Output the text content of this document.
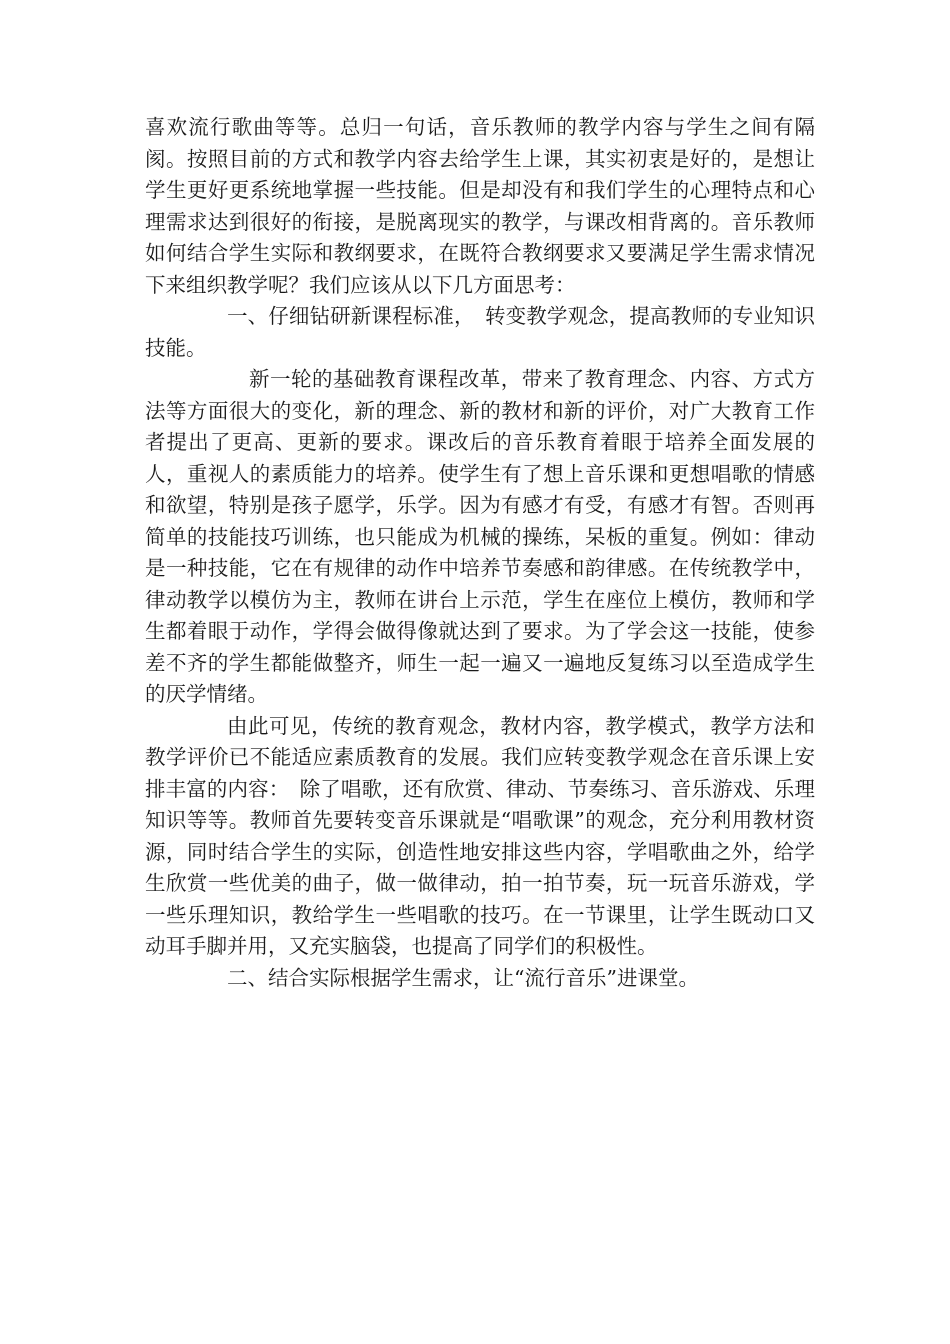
喜欢流行歌曲等等。总归一句话，音乐教师的教学内容与学生之间有隔阂。按照目前的方式和教学内容去给学生上课，其实初衷是好的，是想让学生更好更系统地掌握一些技能。但是却没有和我们学生的心理特点和心理需求达到很好的衔接，是脱离现实的教学，与课改相背离的。音乐教师如何结合学生实际和教纲要求，在既符合教纲要求又要满足学生需求情况下来组织教学呢？我们应该从以下几方面思考：

一、仔细钻研新课程标准，　转变教学观念，提高教师的专业知识技能。

新一轮的基础教育课程改革，带来了教育理念、内容、方式方法等方面很大的变化，新的理念、新的教材和新的评价，对广大教育工作者提出了更高、更新的要求。课改后的音乐教育着眼于培养全面发展的人，重视人的素质能力的培养。使学生有了想上音乐课和更想唱歌的情感和欲望，特别是孩子愿学，乐学。因为有感才有受，有感才有智。否则再简单的技能技巧训练，也只能成为机械的操练，呆板的重复。例如：律动是一种技能，它在有规律的动作中培养节奏感和韵律感。在传统教学中，律动教学以模仿为主，教师在讲台上示范，学生在座位上模仿，教师和学生都着眼于动作，学得会做得像就达到了要求。为了学会这一技能，使参差不齐的学生都能做整齐，师生一起一遍又一遍地反复练习以至造成学生的厌学情绪。

由此可见，传统的教育观念，教材内容，教学模式，教学方法和教学评价已不能适应素质教育的发展。我们应转变教学观念在音乐课上安排丰富的内容：　除了唱歌，还有欣赏、律动、节奏练习、音乐游戏、乐理知识等等。教师首先要转变音乐课就是“唱歌课”的观念，充分利用教材资源，同时结合学生的实际，创造性地安排这些内容，学唱歌曲之外，给学生欣赏一些优美的曲子，做一做律动，拍一拍节奏，玩一玩音乐游戏，学一些乐理知识，教给学生一些唱歌的技巧。在一节课里，让学生既动口又动耳手脚并用，又充实脑袋，也提高了同学们的积极性。

二、结合实际根据学生需求，让“流行音乐”进课堂。
